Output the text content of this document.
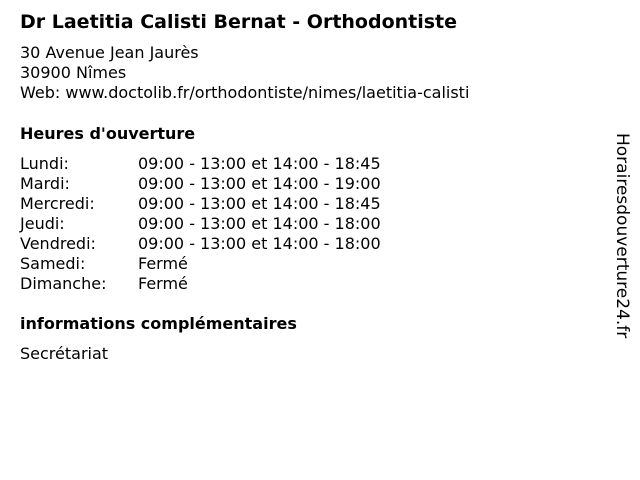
Dr Laetitia Calisti Bernat - Orthodontiste
30 Avenue Jean Jaurès
30900 Nîmes
Web: www.doctolib.fr/orthodontiste/nimes/laetitia-calisti
Heures d'ouverture
Lundi:	09:00 - 13:00 et 14:00 - 18:45
Mardi:	09:00 - 13:00 et 14:00 - 19:00
Mercredi:	09:00 - 13:00 et 14:00 - 18:45
Jeudi:	09:00 - 13:00 et 14:00 - 18:00
Vendredi:	09:00 - 13:00 et 14:00 - 18:00
Samedi:	Fermé
Dimanche: Fermé
informations complémentaires
Secrétariat
Horairesdouverture24.fr
